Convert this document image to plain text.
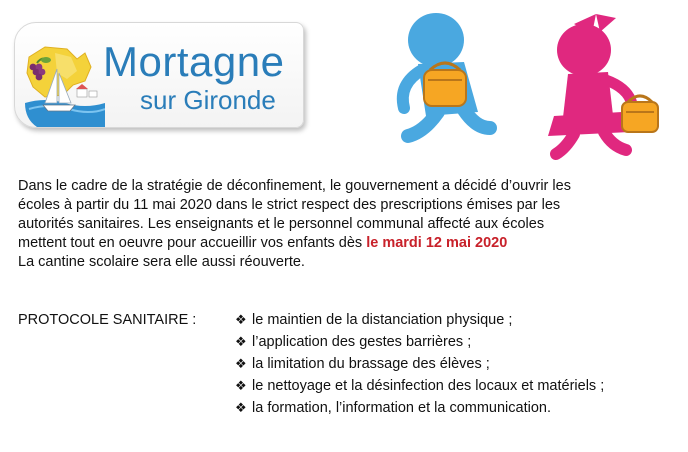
Mortagne
sur Gironde

Dans le cadre de la stratégie de déconfinement, le gouvernement a décidé d’ouvrir les

écoles à partir du 11 mai 2020 dans le strict respect des prescriptions émises par les

autorités sanitaires. Les enseignants et le personnel communal affecté aux écoles

mettent tout en oeuvre pour accueillir vos enfants dès le mardi 12 mai 2020

La cantine scolaire sera elle aussi réouverte.

PROTOCOLE SANITAIRE :	❖ le maintien de la distanciation physique ;
❖ l’application des gestes barrières ;
❖ la limitation du brassage des élèves ;
❖ le nettoyage et la désinfection des locaux et matériels ;
❖ la formation, l’information et la communication.
